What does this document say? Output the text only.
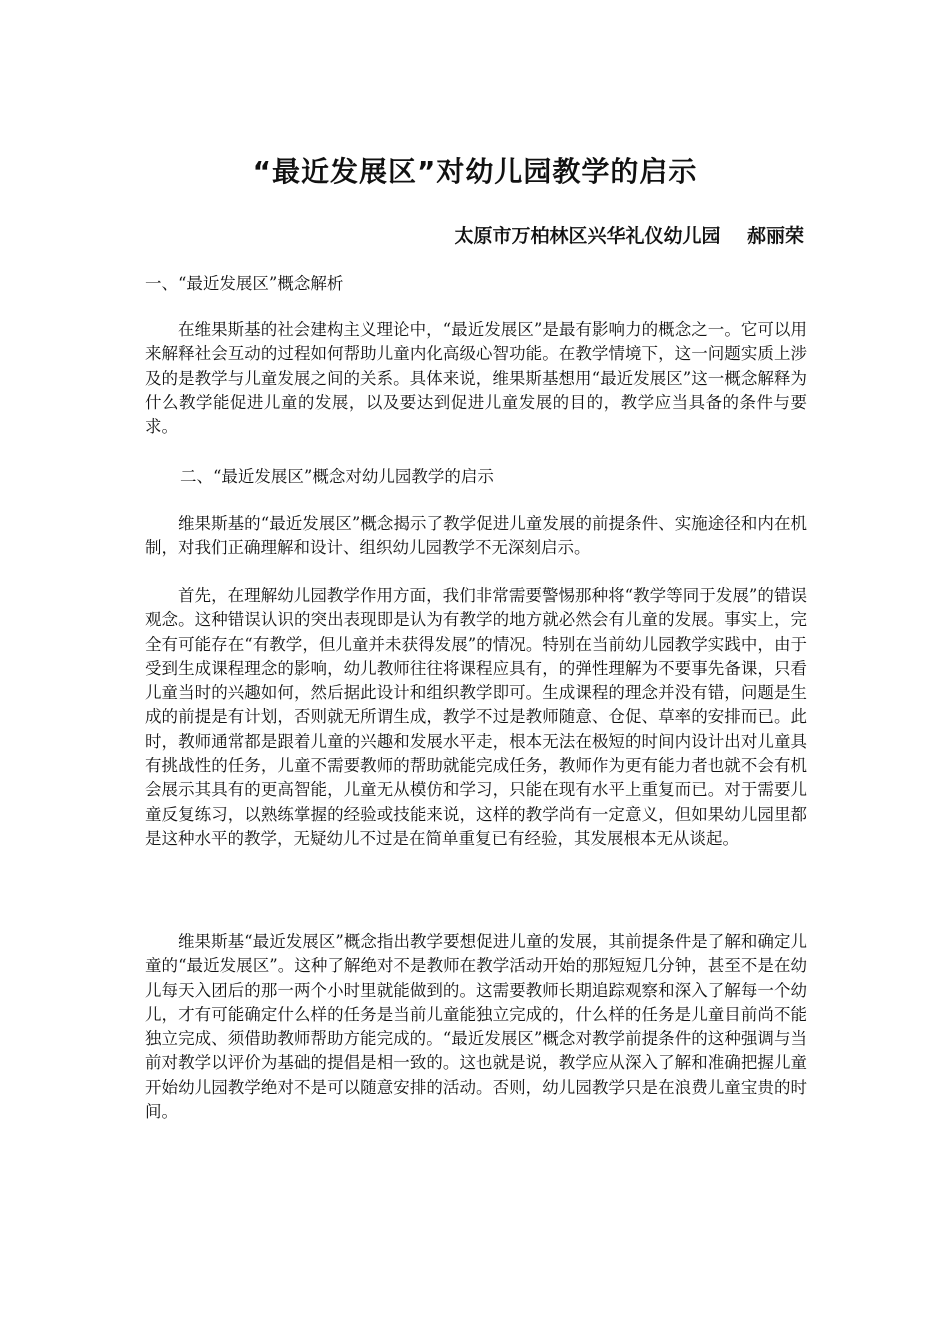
“最近发展区”对幼儿园教学的启示

太原市万柏林区兴华礼仪幼儿园    郝丽荣

一、“最近发展区”概念解析

在维果斯基的社会建构主义理论中，“最近发展区”是最有影响力的概念之一。它可以用来解释社会互动的过程如何帮助儿童内化高级心智功能。在教学情境下，这一问题实质上涉及的是教学与儿童发展之间的关系。具体来说，维果斯基想用“最近发展区”这一概念解释为什么教学能促进儿童的发展，以及要达到促进儿童发展的目的，教学应当具备的条件与要求。

二、“最近发展区”概念对幼儿园教学的启示

维果斯基的“最近发展区”概念揭示了教学促进儿童发展的前提条件、实施途径和内在机制，对我们正确理解和设计、组织幼儿园教学不无深刻启示。

首先，在理解幼儿园教学作用方面，我们非常需要警惕那种将“教学等同于发展”的错误观念。这种错误认识的突出表现即是认为有教学的地方就必然会有儿童的发展。事实上，完全有可能存在“有教学，但儿童并未获得发展”的情况。特别在当前幼儿园教学实践中，由于受到生成课程理念的影响，幼儿教师往往将课程应具有，的弹性理解为不要事先备课，只看儿童当时的兴趣如何，然后据此设计和组织教学即可。生成课程的理念并没有错，问题是生成的前提是有计划，否则就无所谓生成，教学不过是教师随意、仓促、草率的安排而已。此时，教师通常都是跟着儿童的兴趣和发展水平走，根本无法在极短的时间内设计出对儿童具有挑战性的任务，儿童不需要教师的帮助就能完成任务，教师作为更有能力者也就不会有机会展示其具有的更高智能，儿童无从模仿和学习，只能在现有水平上重复而已。对于需要儿童反复练习，以熟练掌握的经验或技能来说，这样的教学尚有一定意义，但如果幼儿园里都是这种水平的教学，无疑幼儿不过是在简单重复已有经验，其发展根本无从谈起。

维果斯基“最近发展区”概念指出教学要想促进儿童的发展，其前提条件是了解和确定儿童的“最近发展区”。这种了解绝对不是教师在教学活动开始的那短短几分钟，甚至不是在幼儿每天入团后的那一两个小时里就能做到的。这需要教师长期追踪观察和深入了解每一个幼儿，才有可能确定什么样的任务是当前儿童能独立完成的，什么样的任务是儿童目前尚不能独立完成、须借助教师帮助方能完成的。“最近发展区”概念对教学前提条件的这种强调与当前对教学以评价为基础的提倡是相一致的。这也就是说，教学应从深入了解和准确把握儿童开始幼儿园教学绝对不是可以随意安排的活动。否则，幼儿园教学只是在浪费儿童宝贵的时间。
